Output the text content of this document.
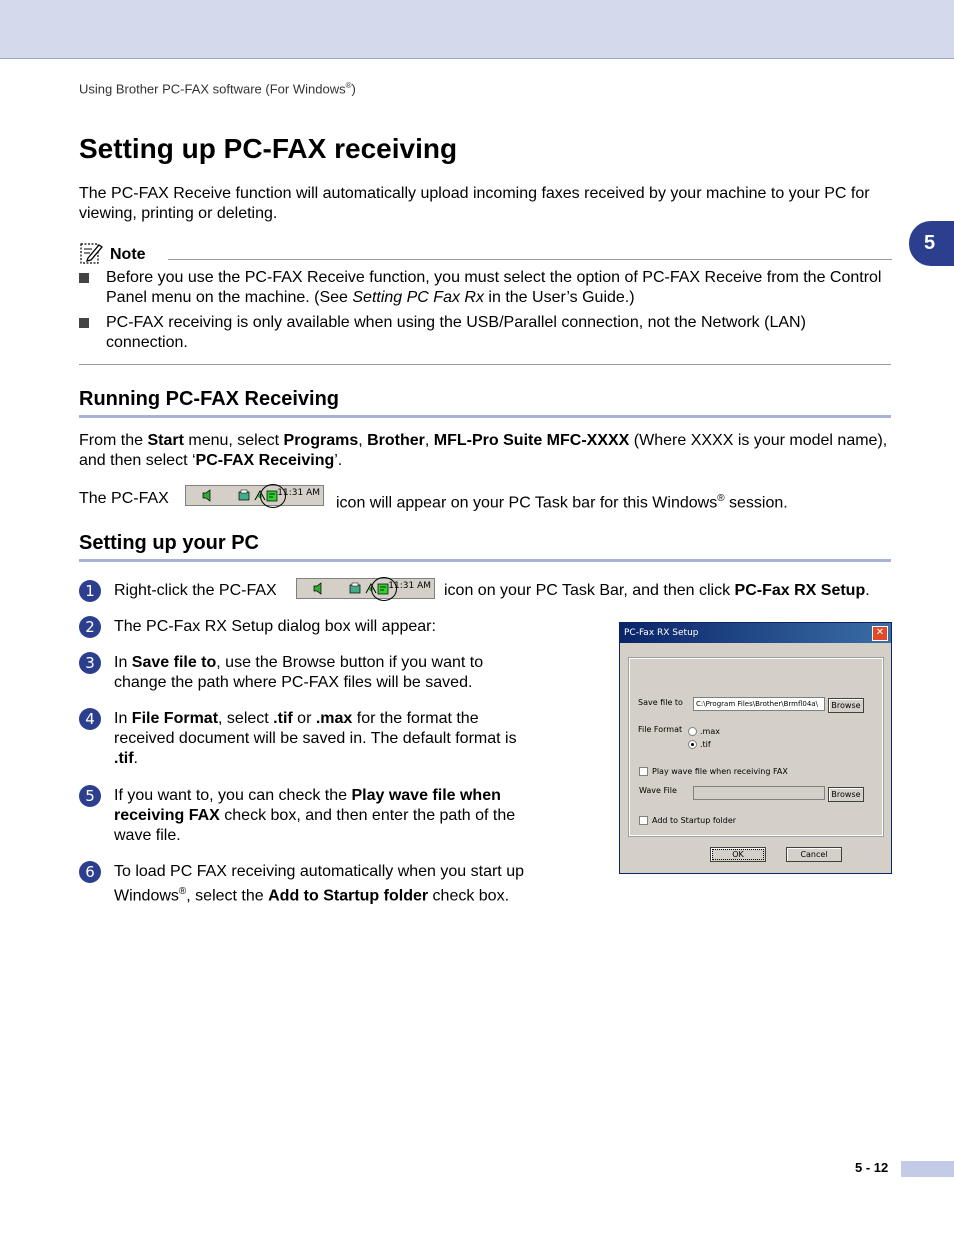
Using Brother PC-FAX software (For Windows®)
5
Setting up PC-FAX receiving

The PC-FAX Receive function will automatically upload incoming faxes received by your machine to your PC for viewing, printing or deleting.

Note
Before you use the PC-FAX Receive function, you must select the option of PC-FAX Receive from the Control Panel menu on the machine. (See Setting PC Fax Rx in the User’s Guide.)
PC-FAX receiving is only available when using the USB/Parallel connection, not the Network (LAN) connection.
Running PC-FAX Receiving

From the Start menu, select Programs, Brother, MFL-Pro Suite MFC-XXXX (Where XXXX is your model name), and then select ‘PC-FAX Receiving’.

The PC-FAX	11:31 AM
icon will appear on your PC Task bar for this Windows® session.
Setting up your PC
1	Right-click the PC-FAX	icon on your PC Task Bar, and then click PC-Fax RX Setup.
11:31 AM
2	The PC-Fax RX Setup dialog box will appear:
3	In Save file to, use the Browse button if you want to change the path where PC-FAX files will be saved.
4	In File Format, select .tif or .max for the format the received document will be saved in. The default format is .tif.
5	If you want to, you can check the Play wave file when receiving FAX check box, and then enter the path of the wave file.
6	To load PC FAX receiving automatically when you start up Windows®, select the Add to Startup folder check box.
PC-Fax RX Setup	✕
Save file to	C:\Program Files\Brother\Brmfl04a\	Browse
File Format .max
.tif
Play wave file when receiving FAX
Wave File	Browse
Add to Startup folder
OK	Cancel
5 - 12
